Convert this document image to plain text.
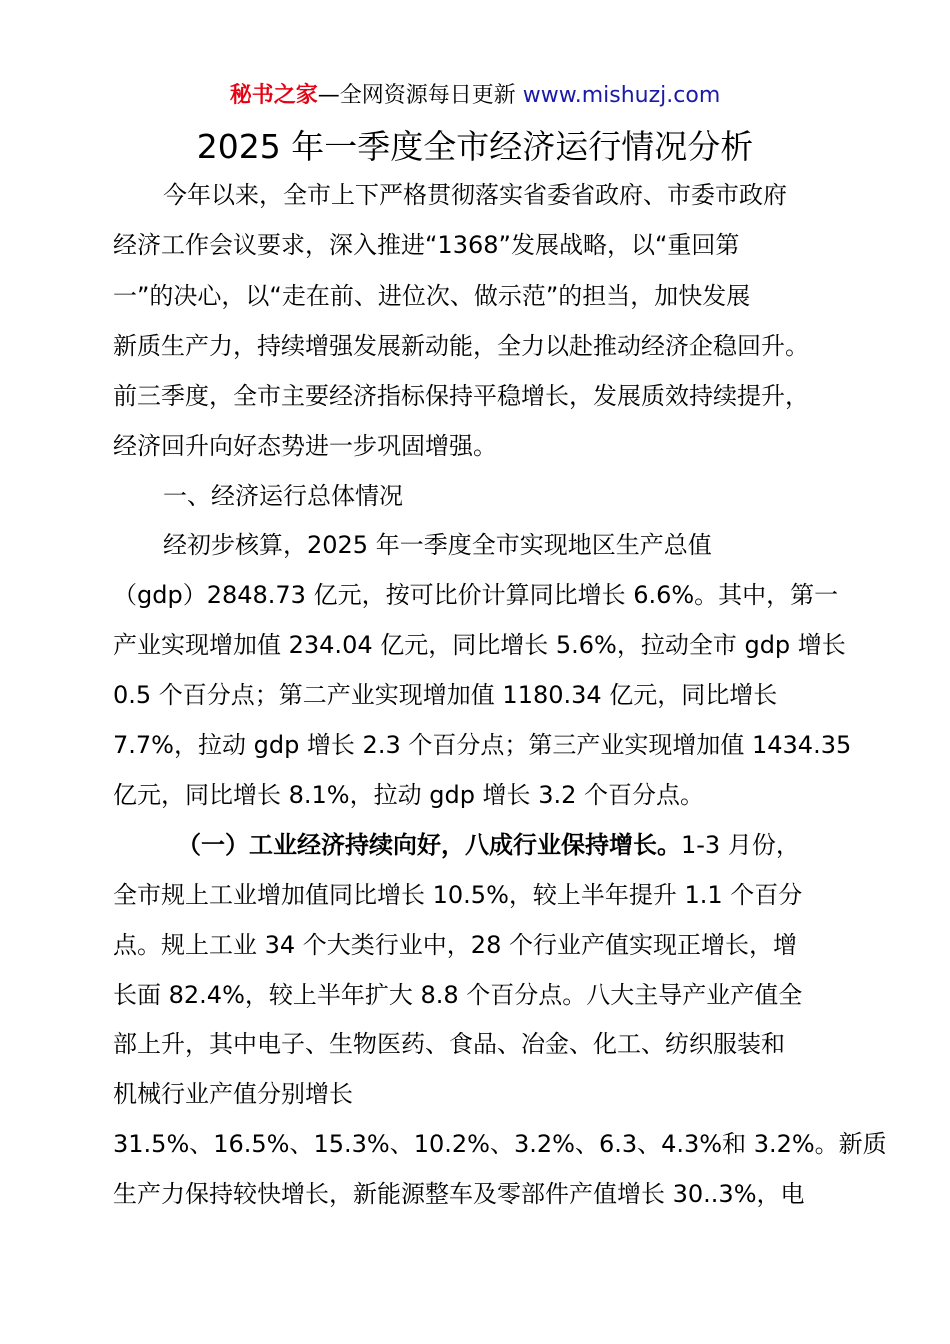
秘书之家—全网资源每日更新 www.mishuzj.com
2025 年一季度全市经济运行情况分析
今年以来，全市上下严格贯彻落实省委省政府、市委市政府
经济工作会议要求，深入推进“1368”发展战略，以“重回第
一”的决心，以“走在前、进位次、做示范”的担当，加快发展
新质生产力，持续增强发展新动能，全力以赴推动经济企稳回升。
前三季度，全市主要经济指标保持平稳增长，发展质效持续提升，
经济回升向好态势进一步巩固增强。
一、经济运行总体情况
经初步核算，2025 年一季度全市实现地区生产总值
（gdp）2848.73 亿元，按可比价计算同比增长 6.6%。其中，第一
产业实现增加值 234.04 亿元，同比增长 5.6%，拉动全市 gdp 增长
0.5 个百分点；第二产业实现增加值 1180.34 亿元，同比增长
7.7%，拉动 gdp 增长 2.3 个百分点；第三产业实现增加值 1434.35
亿元，同比增长 8.1%，拉动 gdp 增长 3.2 个百分点。
（一）工业经济持续向好，八成行业保持增长。1-3 月份，
全市规上工业增加值同比增长 10.5%，较上半年提升 1.1 个百分
点。规上工业 34 个大类行业中，28 个行业产值实现正增长，增
长面 82.4%，较上半年扩大 8.8 个百分点。八大主导产业产值全
部上升，其中电子、生物医药、食品、冶金、化工、纺织服装和
机械行业产值分别增长
31.5%、16.5%、15.3%、10.2%、3.2%、6.3、4.3%和 3.2%。新质
生产力保持较快增长，新能源整车及零部件产值增长 30..3%，电
